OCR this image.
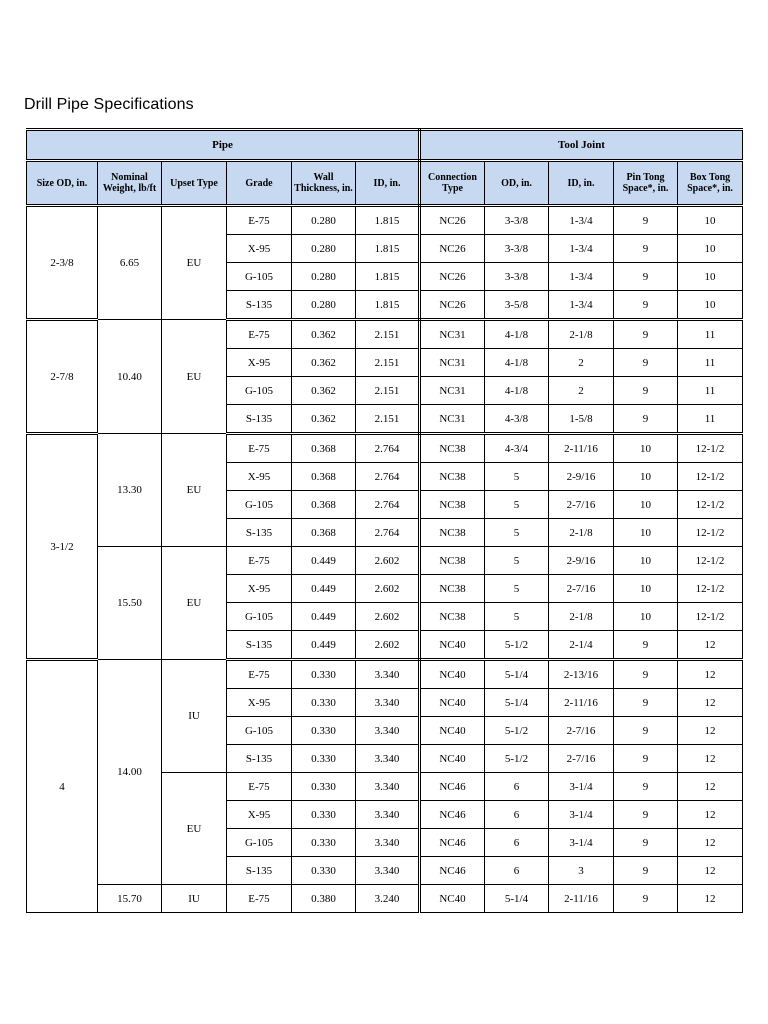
Drill Pipe Specifications
Pipe						Tool Joint				
Size OD, in.	Nominal Weight, lb/ft	Upset Type	Grade	Wall Thickness, in.	ID, in.	Connection Type	OD, in.	ID, in.	Pin Tong Space*, in.	Box Tong Space*, in.
2-3/8	6.65	EU	E-75	0.280	1.815	NC26	3-3/8	1-3/4	9	10
			X-95	0.280	1.815	NC26	3-3/8	1-3/4	9	10
			G-105	0.280	1.815	NC26	3-3/8	1-3/4	9	10
			S-135	0.280	1.815	NC26	3-5/8	1-3/4	9	10
2-7/8	10.40	EU	E-75	0.362	2.151	NC31	4-1/8	2-1/8	9	11
			X-95	0.362	2.151	NC31	4-1/8	2	9	11
			G-105	0.362	2.151	NC31	4-1/8	2	9	11
			S-135	0.362	2.151	NC31	4-3/8	1-5/8	9	11
3-1/2	13.30	EU	E-75	0.368	2.764	NC38	4-3/4	2-11/16	10	12-1/2
			X-95	0.368	2.764	NC38	5	2-9/16	10	12-1/2
			G-105	0.368	2.764	NC38	5	2-7/16	10	12-1/2
			S-135	0.368	2.764	NC38	5	2-1/8	10	12-1/2
	15.50	EU	E-75	0.449	2.602	NC38	5	2-9/16	10	12-1/2
			X-95	0.449	2.602	NC38	5	2-7/16	10	12-1/2
			G-105	0.449	2.602	NC38	5	2-1/8	10	12-1/2
			S-135	0.449	2.602	NC40	5-1/2	2-1/4	9	12
4	14.00	IU	E-75	0.330	3.340	NC40	5-1/4	2-13/16	9	12
			X-95	0.330	3.340	NC40	5-1/4	2-11/16	9	12
			G-105	0.330	3.340	NC40	5-1/2	2-7/16	9	12
			S-135	0.330	3.340	NC40	5-1/2	2-7/16	9	12
		EU	E-75	0.330	3.340	NC46	6	3-1/4	9	12
			X-95	0.330	3.340	NC46	6	3-1/4	9	12
			G-105	0.330	3.340	NC46	6	3-1/4	9	12
			S-135	0.330	3.340	NC46	6	3	9	12
	15.70	IU	E-75	0.380	3.240	NC40	5-1/4	2-11/16	9	12
